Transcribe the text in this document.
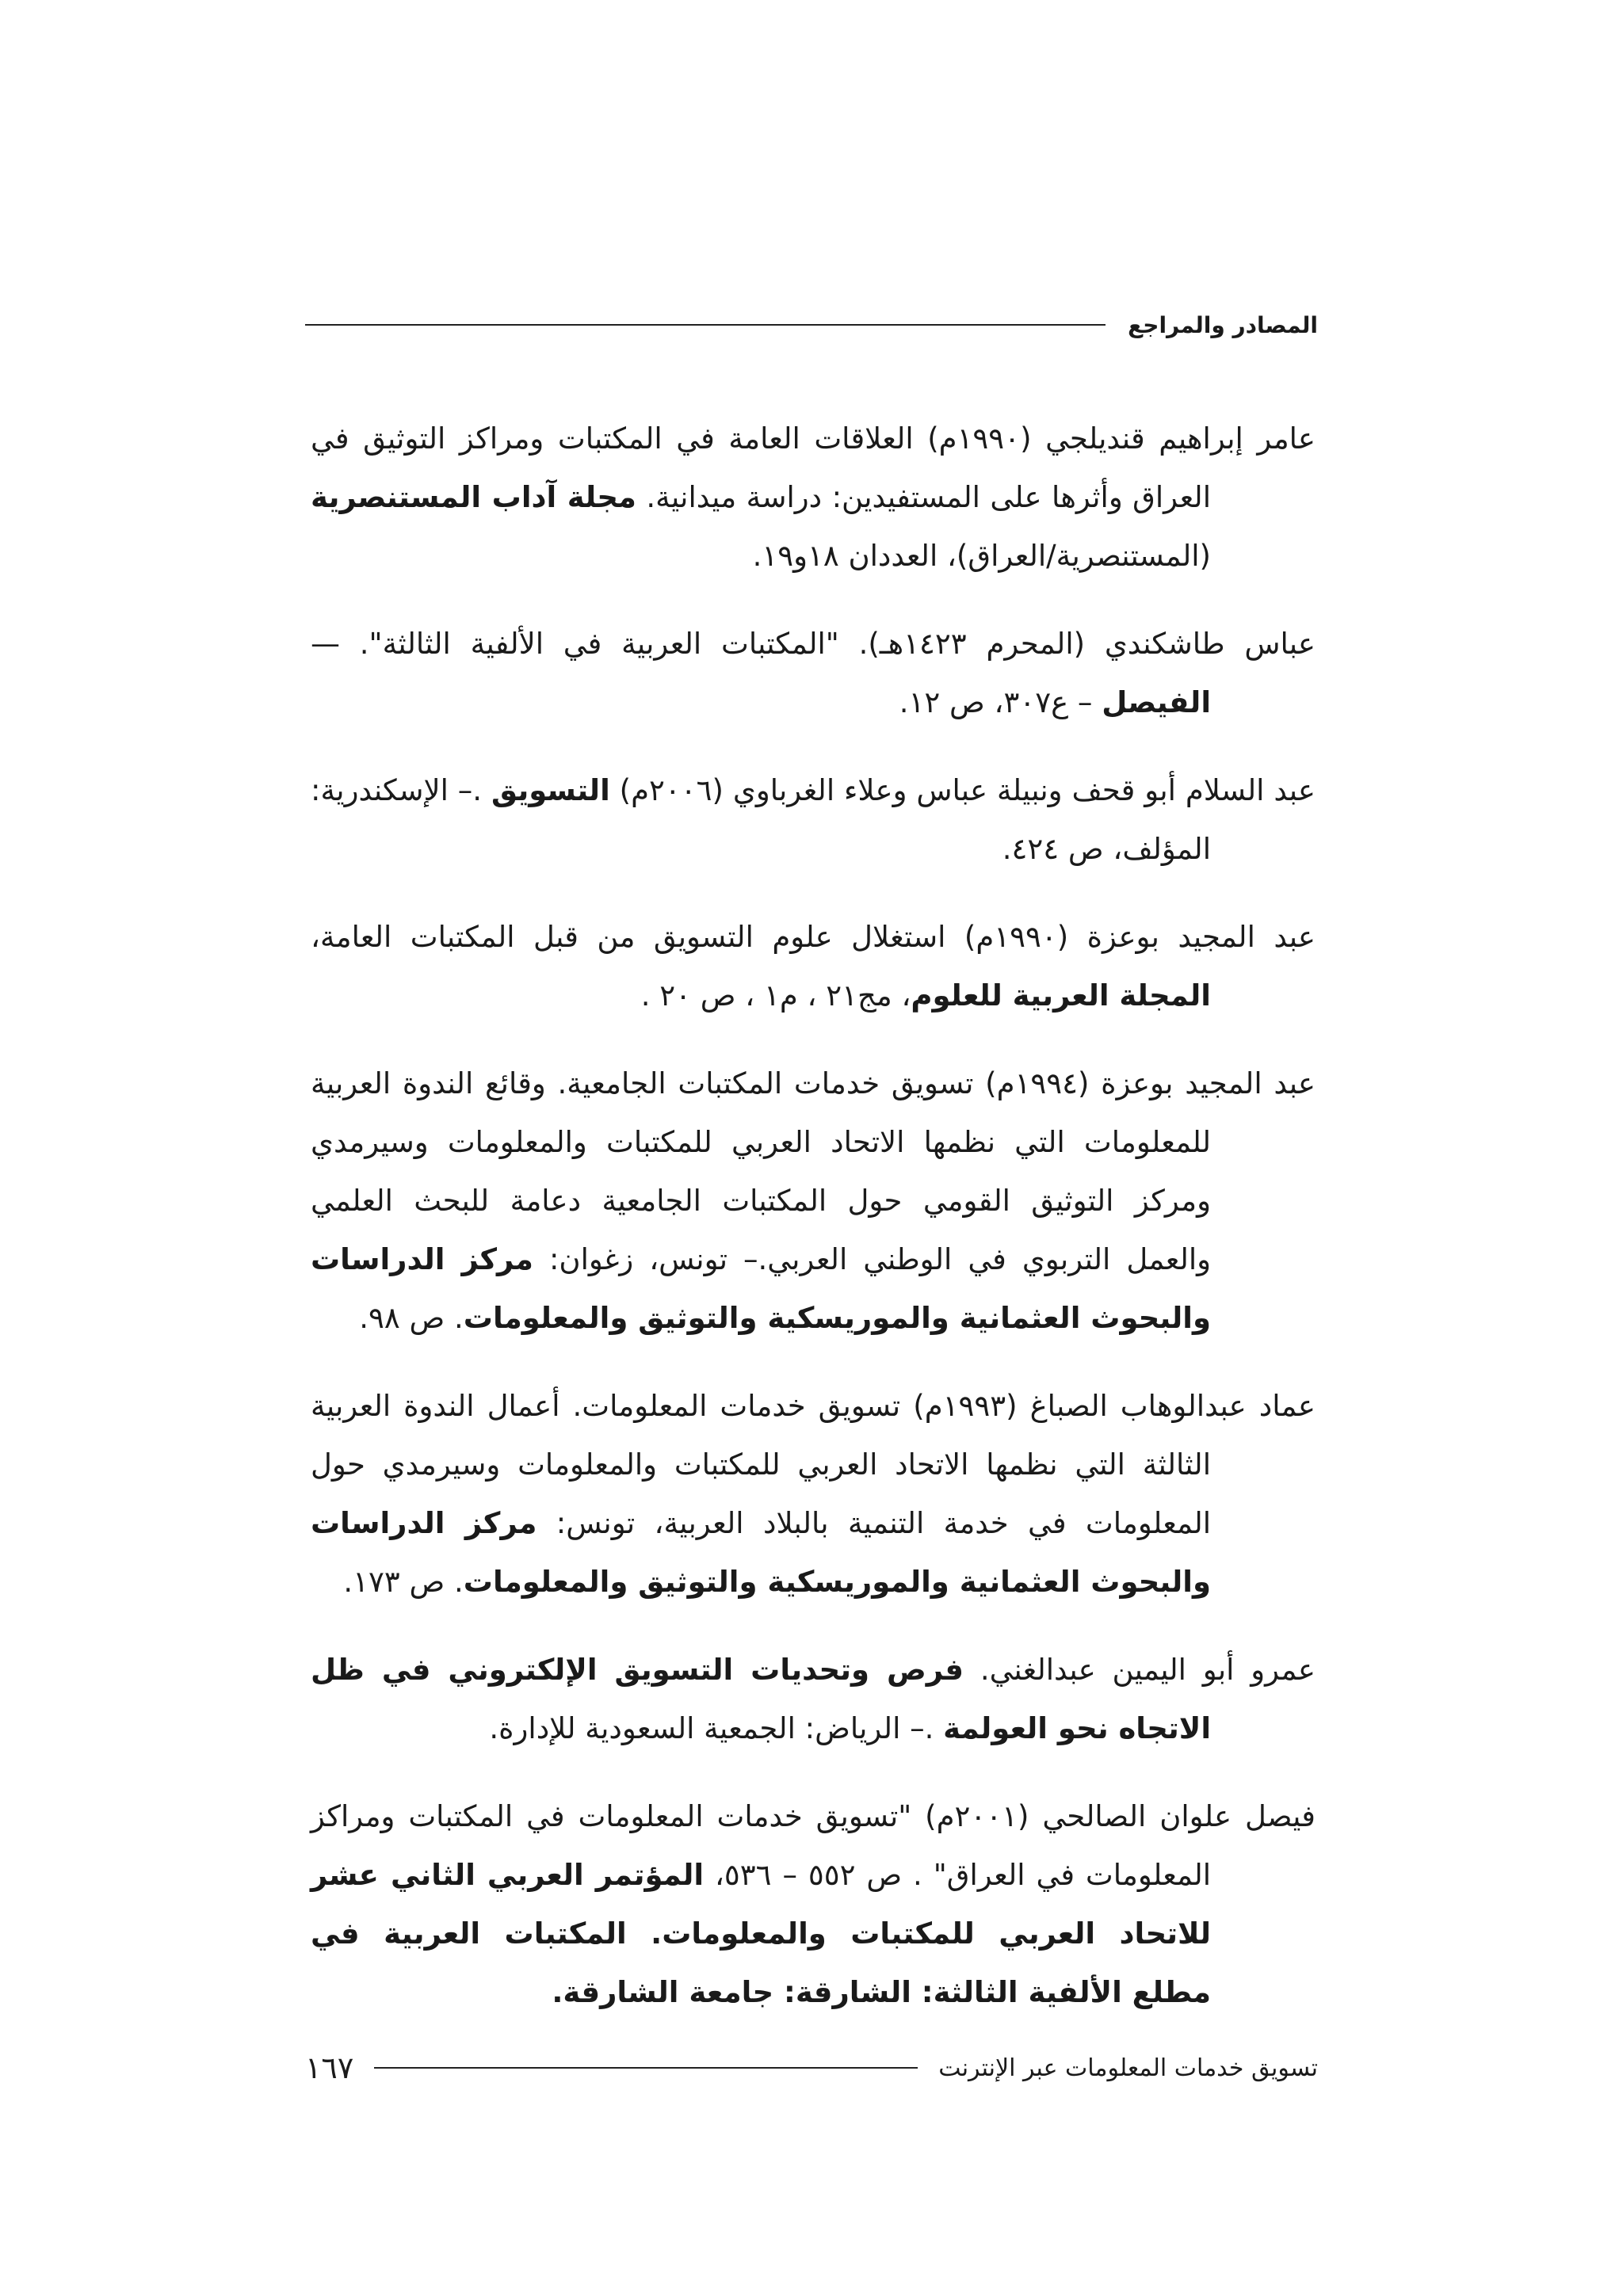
المصادر والمراجع

عامر إبراهيم قنديلجي (١٩٩٠م) العلاقات العامة في المكتبات ومراكز التوثيق في العراق وأثرها على المستفيدين: دراسة ميدانية. مجلة آداب المستنصرية (المستنصرية/العراق)، العددان ١٨و١٩.

عباس طاشكندي (المحرم ١٤٢٣هـ). "المكتبات العربية في الألفية الثالثة". — الفيصل – ع٣٠٧، ص ١٢.

عبد السلام أبو قحف ونبيلة عباس وعلاء الغرباوي (٢٠٠٦م) التسويق .– الإسكندرية: المؤلف، ص ٤٢٤.

عبد المجيد بوعزة (١٩٩٠م) استغلال علوم التسويق من قبل المكتبات العامة، المجلة العربية للعلوم، مج٢١ ، م١ ، ص ٢٠ .

عبد المجيد بوعزة (١٩٩٤م) تسويق خدمات المكتبات الجامعية. وقائع الندوة العربية للمعلومات التي نظمها الاتحاد العربي للمكتبات والمعلومات وسيرمدي ومركز التوثيق القومي حول المكتبات الجامعية دعامة للبحث العلمي والعمل التربوي في الوطني العربي.– تونس، زغوان: مركز الدراسات والبحوث العثمانية والموريسكية والتوثيق والمعلومات. ص ٩٨.

عماد عبدالوهاب الصباغ (١٩٩٣م) تسويق خدمات المعلومات. أعمال الندوة العربية الثالثة التي نظمها الاتحاد العربي للمكتبات والمعلومات وسيرمدي حول المعلومات في خدمة التنمية بالبلاد العربية، تونس: مركز الدراسات والبحوث العثمانية والموريسكية والتوثيق والمعلومات. ص ١٧٣.

عمرو أبو اليمين عبدالغني. فرص وتحديات التسويق الإلكتروني في ظل الاتجاه نحو العولمة .– الرياض: الجمعية السعودية للإدارة.

فيصل علوان الصالحي (٢٠٠١م) "تسويق خدمات المعلومات في المكتبات ومراكز المعلومات في العراق" . ص ٥٥٢ – ٥٣٦، المؤتمر العربي الثاني عشر للاتحاد العربي للمكتبات والمعلومات. المكتبات العربية في مطلع الألفية الثالثة: الشارقة: جامعة الشارقة.

تسويق خدمات المعلومات عبر الإنترنت
١٦٧
